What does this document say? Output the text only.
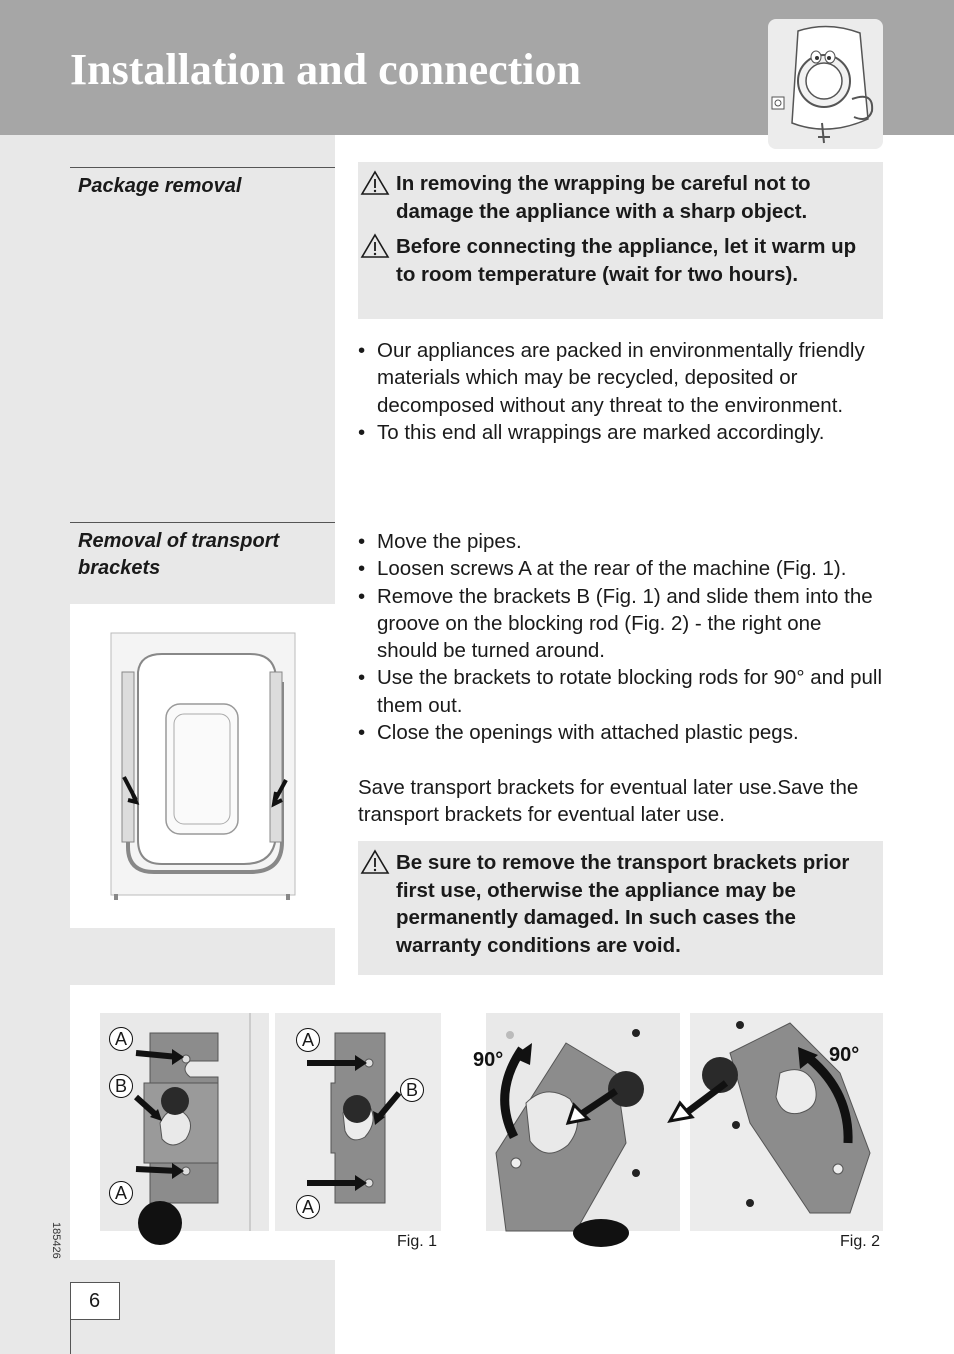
Installation and connection

Package removal	In removing the wrapping be careful not to damage the appliance with a sharp object.

Before connecting the appliance, let it warm up to room temperature (wait for two hours).

• Our appliances are packed in environmentally friendly materials which may be recycled, deposited or decomposed without any threat to the environment.
• To this end all wrappings are marked accordingly.

Removal of transport brackets

• Move the pipes.
• Loosen screws A at the rear of the machine (Fig. 1).
• Remove the brackets B (Fig. 1) and slide them into the groove on the blocking rod (Fig. 2) - the right one should be turned around.
• Use the brackets to rotate blocking rods for 90° and pull them out.
• Close the openings with attached plastic pegs.

Save transport brackets for eventual later use.Save the transport brackets for eventual later use.

Be sure to remove the transport brackets prior first use, otherwise the appliance may be permanently damaged. In such cases the warranty conditions are void.

A
B
A
A
B
A
Fig. 1
90°	90°
Fig. 2
185426
6
